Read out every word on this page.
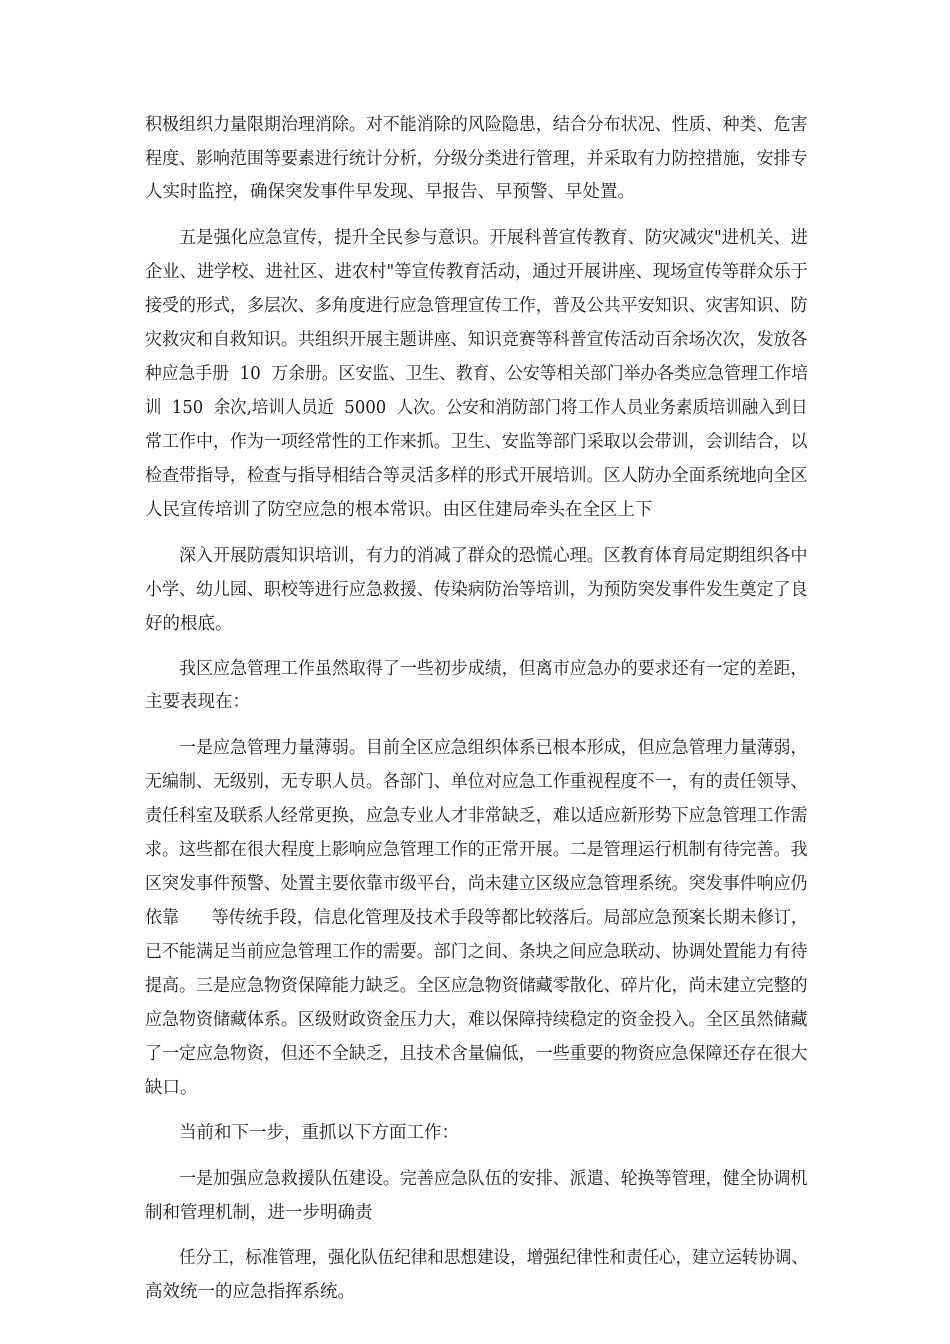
积极组织力量限期治理消除。对不能消除的风险隐患，结合分布状况、性质、种类、危害
程度、影响范围等要素进行统计分析，分级分类进行管理，并采取有力防控措施，安排专
人实时监控，确保突发事件早发现、早报告、早预警、早处置。
五是强化应急宣传，提升全民参与意识。开展科普宣传教育、防灾减灾"进机关、进
企业、进学校、进社区、进农村"等宣传教育活动，通过开展讲座、现场宣传等群众乐于
接受的形式，多层次、多角度进行应急管理宣传工作，普及公共平安知识、灾害知识、防
灾救灾和自救知识。共组织开展主题讲座、知识竞赛等科普宣传活动百余场次次，发放各
种应急手册  10  万余册。区安监、卫生、教育、公安等相关部门举办各类应急管理工作培
训  150  余次,培训人员近  5000  人次。公安和消防部门将工作人员业务素质培训融入到日
常工作中，作为一项经常性的工作来抓。卫生、安监等部门采取以会带训，会训结合，以
检查带指导，检查与指导相结合等灵活多样的形式开展培训。区人防办全面系统地向全区
人民宣传培训了防空应急的根本常识。由区住建局牵头在全区上下
深入开展防震知识培训，有力的消减了群众的恐慌心理。区教育体育局定期组织各中
小学、幼儿园、职校等进行应急救援、传染病防治等培训，为预防突发事件发生奠定了良
好的根底。
我区应急管理工作虽然取得了一些初步成绩，但离市应急办的要求还有一定的差距，
主要表现在：
一是应急管理力量薄弱。目前全区应急组织体系已根本形成，但应急管理力量薄弱，
无编制、无级别，无专职人员。各部门、单位对应急工作重视程度不一，有的责任领导、
责任科室及联系人经常更换，应急专业人才非常缺乏，难以适应新形势下应急管理工作需
求。这些都在很大程度上影响应急管理工作的正常开展。二是管理运行机制有待完善。我
区突发事件预警、处置主要依靠市级平台，尚未建立区级应急管理系统。突发事件响应仍
依靠      等传统手段，信息化管理及技术手段等都比较落后。局部应急预案长期未修订，
已不能满足当前应急管理工作的需要。部门之间、条块之间应急联动、协调处置能力有待
提高。三是应急物资保障能力缺乏。全区应急物资储藏零散化、碎片化，尚未建立完整的
应急物资储藏体系。区级财政资金压力大，难以保障持续稳定的资金投入。全区虽然储藏
了一定应急物资，但还不全缺乏，且技术含量偏低，一些重要的物资应急保障还存在很大
缺口。
当前和下一步，重抓以下方面工作：
一是加强应急救援队伍建设。完善应急队伍的安排、派遣、轮换等管理，健全协调机
制和管理机制，进一步明确责
任分工，标准管理，强化队伍纪律和思想建设，增强纪律性和责任心，建立运转协调、
高效统一的应急指挥系统。
